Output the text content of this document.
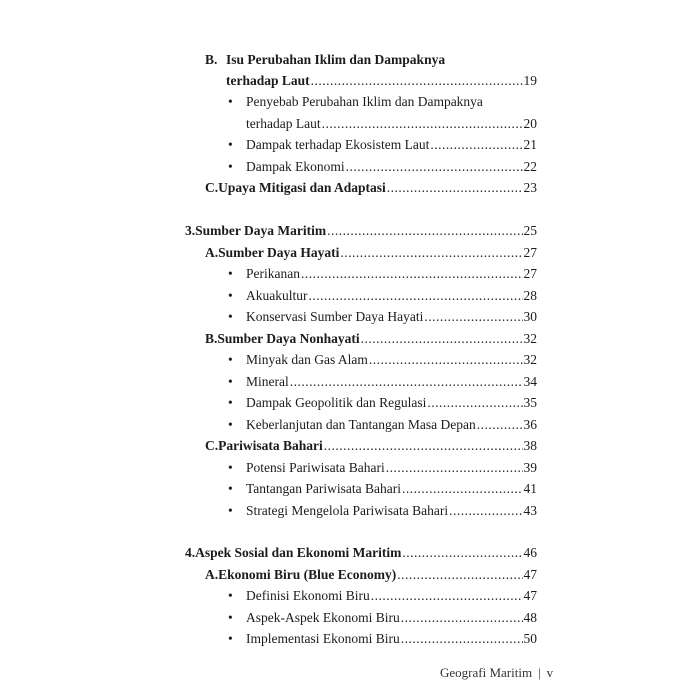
B. Isu Perubahan Iklim dan Dampaknya
terhadap Laut .....	19
• Penyebab Perubahan Iklim dan Dampaknya
terhadap Laut .....	20
• Dampak terhadap Ekosistem Laut .....	21
• Dampak Ekonomi .....	22
C. Upaya Mitigasi dan Adaptasi .....	23
3. Sumber Daya Maritim .....	25
A. Sumber Daya Hayati .....	27
• Perikanan .....	27
• Akuakultur .....	28
• Konservasi Sumber Daya Hayati .....	30
B. Sumber Daya Nonhayati .....	32
• Minyak dan Gas Alam .....	32
• Mineral .....	34
• Dampak Geopolitik dan Regulasi .....	35
• Keberlanjutan dan Tantangan Masa Depan .....	36
C. Pariwisata Bahari .....	38
• Potensi Pariwisata Bahari .....	39
• Tantangan Pariwisata Bahari .....	41
• Strategi Mengelola Pariwisata Bahari .....	43
4. Aspek Sosial dan Ekonomi Maritim .....	46
A. Ekonomi Biru (Blue Economy) .....	47
• Definisi Ekonomi Biru .....	47
• Aspek-Aspek Ekonomi Biru .....	48
• Implementasi Ekonomi Biru .....	50
Geografi Maritim | v
